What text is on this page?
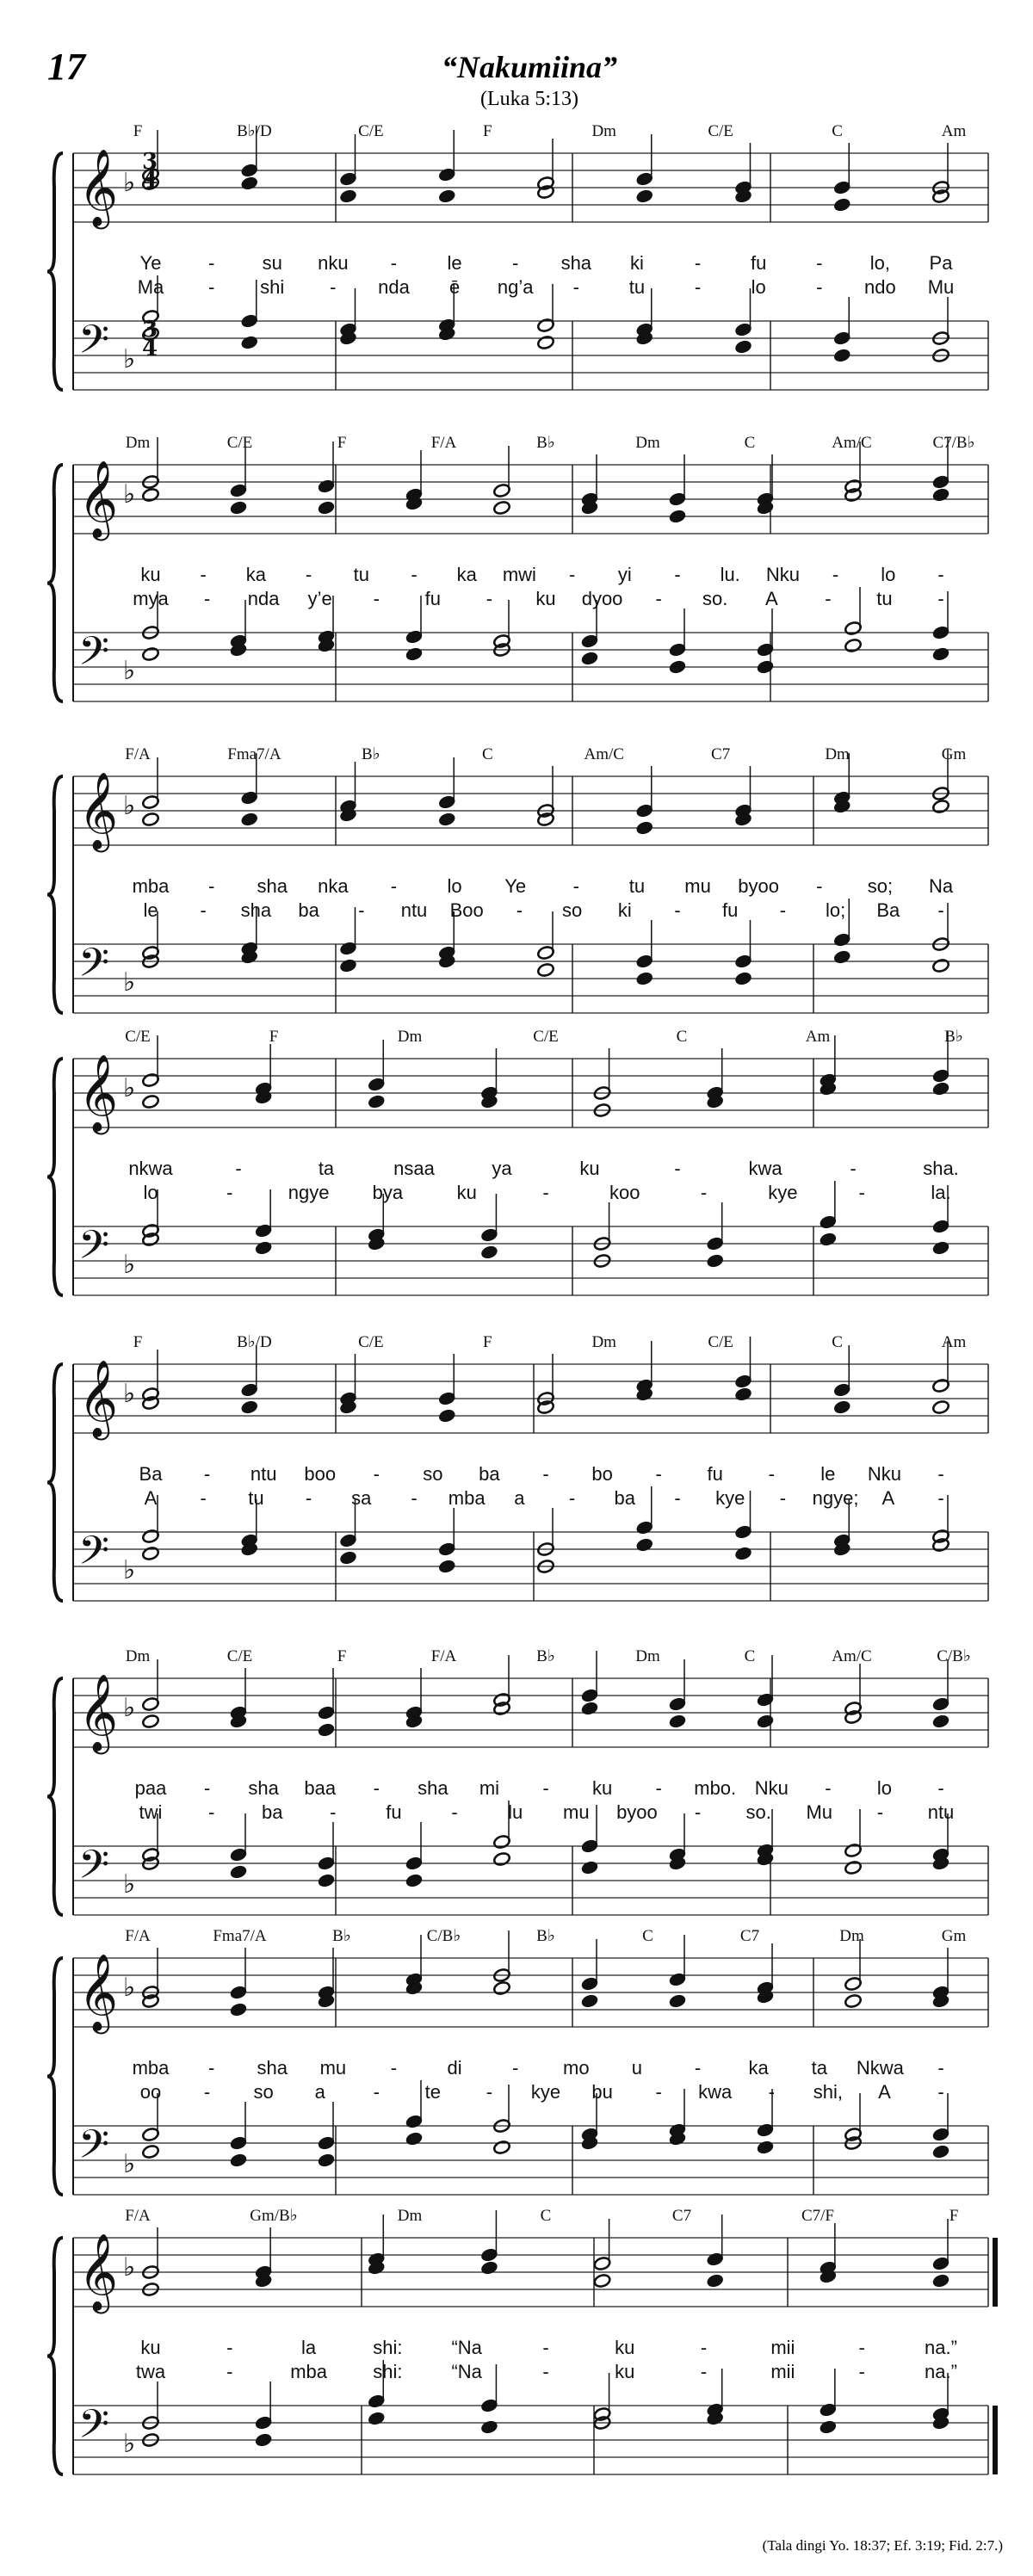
17	“Nakumiina”
(Luka 5:13)
F	B♭/D	C/E	F	Dm	C/E	C	Am
𝄞 ♭
𝄢 ♭
3
4
3
4
Ye -	su nku -	le	- sha ki	-	fu	-	lo, Pa
Ma - shi - nda ē ng’a -	tu	-	lo	- ndo Mu
Dm	C/E	F	F/A	B♭	Dm	C	Am/C	C7/B♭
𝄞 ♭
𝄢 ♭
ku - ka - tu - ka mwi - yi - lu. Nku - lo -
mya - nda y’e - fu - ku dyoo - so. A - tu -
F/A	Fma7/A	B♭	C	Am/C	C7	Dm	Gm
𝄞 ♭
𝄢 ♭
mba - sha nka -	lo Ye -	tu mu byoo - so; Na
le - sha ba - ntu Boo - so ki - fu - lo; Ba -
C/E	F	Dm	C/E	C	Am	B♭
𝄞 ♭
𝄢 ♭
nkwa	-	ta	nsaa	ya	ku	-	kwa	-	sha.
lo	-	ngye bya	ku	-	koo	-	kye	-	la.
F	B♭/D	C/E	F	Dm	C/E	C	Am
𝄞 ♭
𝄢 ♭
Ba - ntu boo - so ba - bo - fu - le Nku -
A - tu - sa - mba a - ba - kye - ngye; A -
Dm	C/E	F	F/A	B♭	Dm	C	Am/C	C/B♭
𝄞 ♭
𝄢 ♭
paa - sha baa - sha mi - ku - mbo. Nku - lo -
twi - ba -	fu	-	lu mu byoo - so. Mu - ntu
F/A	Fma7/A	B♭	C/B♭	B♭	C	C7	Dm	Gm
𝄞 ♭
𝄢 ♭
mba - sha mu -	di	- mo u	-	ka ta Nkwa -
oo - so a	- te - kye bu - kwa - shi, A -
F/A	Gm/B♭	Dm	C	C7	C7/F	F
𝄞 ♭
𝄢 ♭
ku	-	la	shi:	“Na	-	ku	-	mii	-	na.”
twa	-	mba shi:	“Na	-	ku	-	mii	-	na.”
(Tala dingi Yo. 18:37; Ef. 3:19; Fid. 2:7.)
